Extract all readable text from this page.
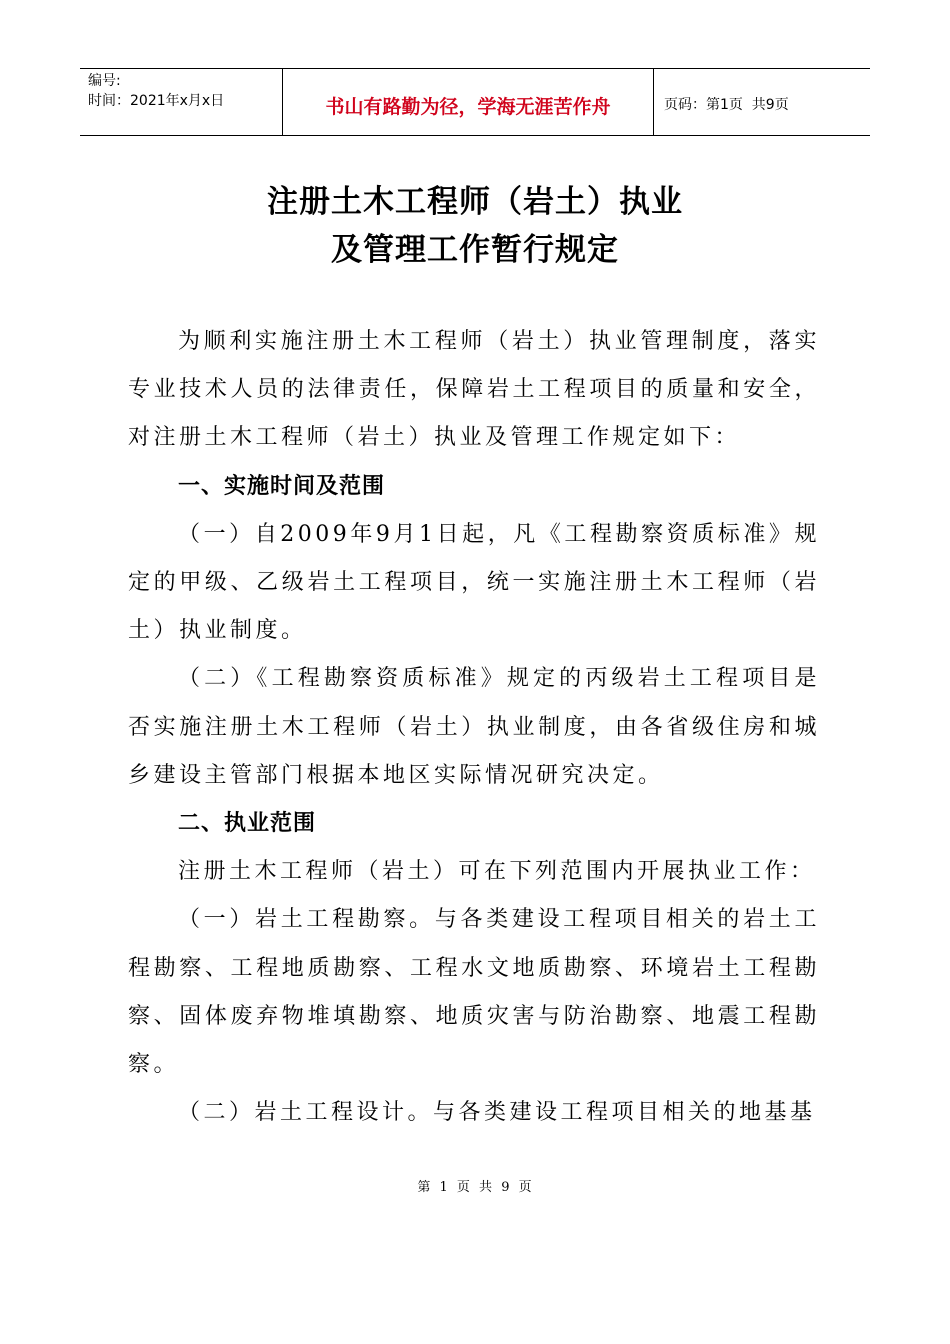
编号:
时间：2021年x月x日	书山有路勤为径，学海无涯苦作舟	页码：第1页  共9页
注册土木工程师（岩土）执业
及管理工作暂行规定

为顺利实施注册土木工程师（岩土）执业管理制度，落实专业技术人员的法律责任，保障岩土工程项目的质量和安全，对注册土木工程师（岩土）执业及管理工作规定如下：

一、实施时间及范围

（一）自2009年9月1日起，凡《工程勘察资质标准》规定的甲级、乙级岩土工程项目，统一实施注册土木工程师（岩土）执业制度。

（二）《工程勘察资质标准》规定的丙级岩土工程项目是否实施注册土木工程师（岩土）执业制度，由各省级住房和城乡建设主管部门根据本地区实际情况研究决定。

二、执业范围

注册土木工程师（岩土）可在下列范围内开展执业工作：

（一）岩土工程勘察。与各类建设工程项目相关的岩土工程勘察、工程地质勘察、工程水文地质勘察、环境岩土工程勘察、固体废弃物堆填勘察、地质灾害与防治勘察、地震工程勘察。

（二）岩土工程设计。与各类建设工程项目相关的地基基

第 1 页 共 9 页
